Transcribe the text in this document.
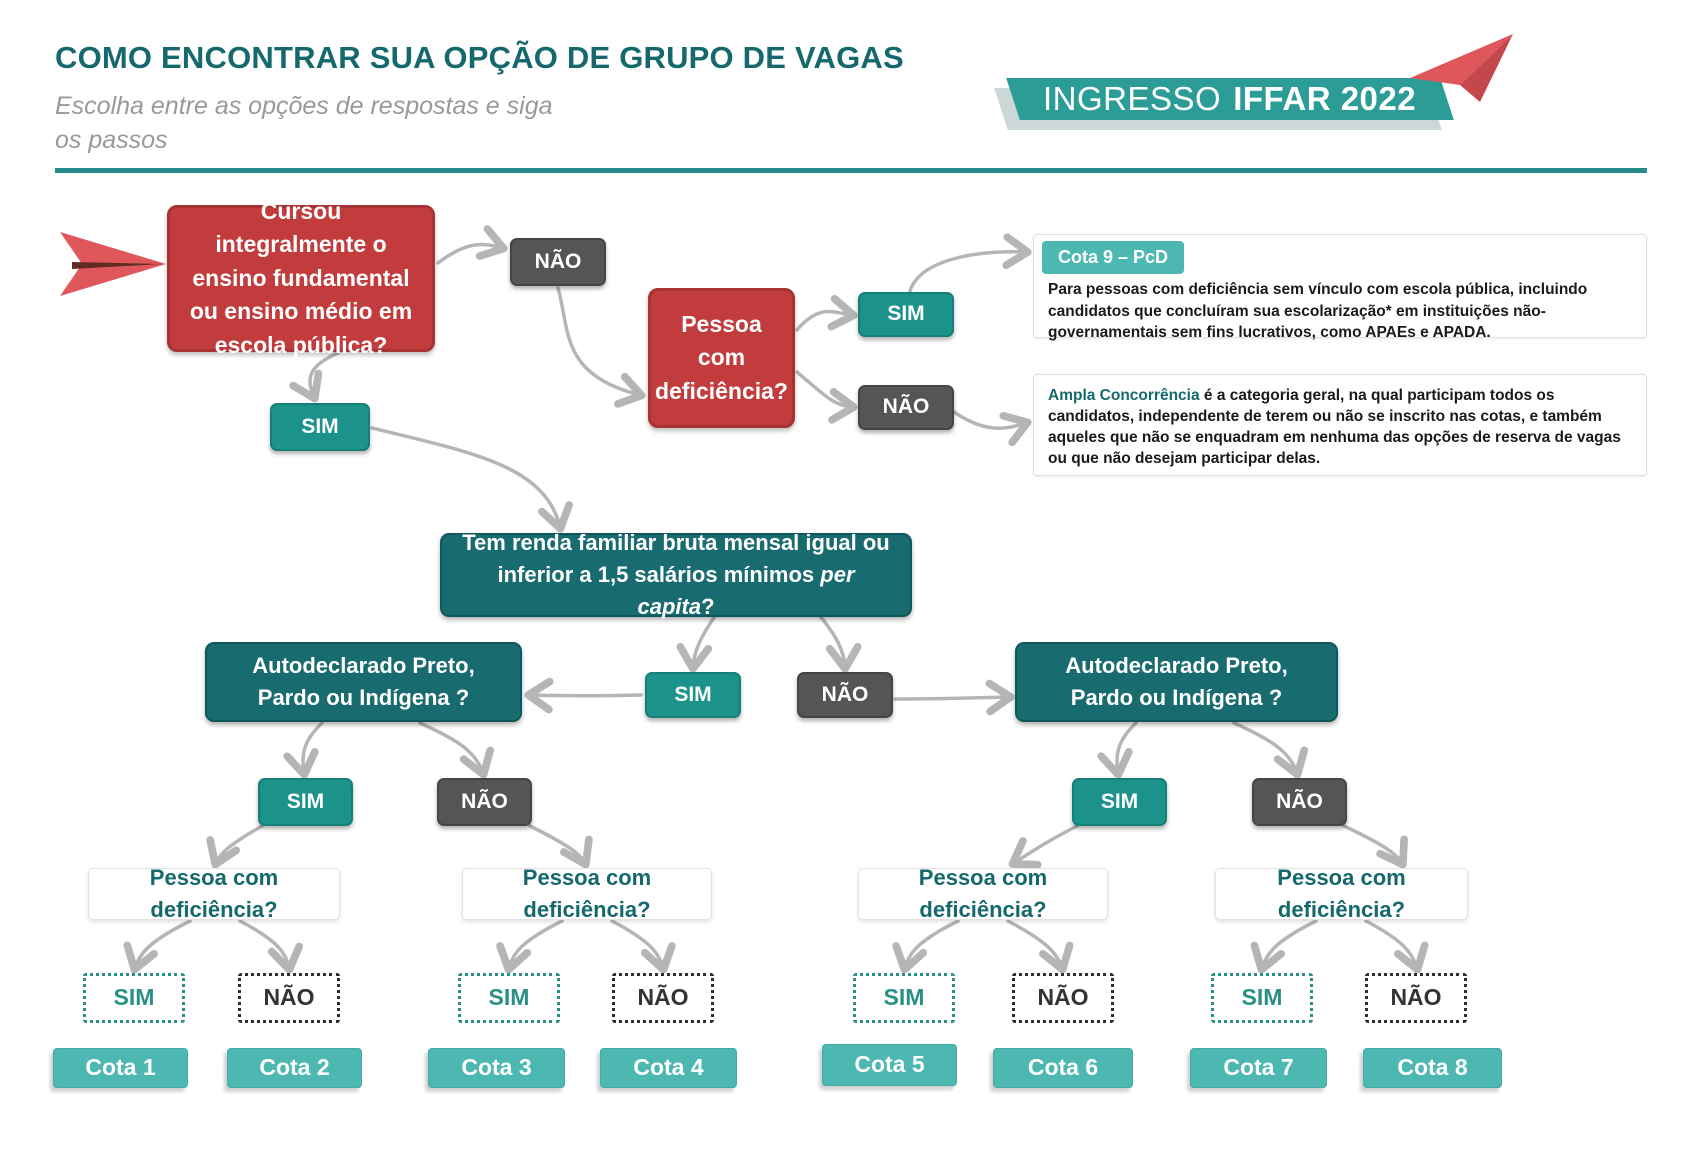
COMO ENCONTRAR SUA OPÇÃO DE GRUPO DE VAGAS
Escolha entre as opções de respostas e siga os passos
INGRESSO IFFAR 2022
Cursou integralmente o ensino fundamental ou ensino médio em escola pública?
NÃO
Pessoa com deficiência?
SIM
NÃO
Cota 9 – PcD
Para pessoas com deficiência sem vínculo com escola pública, incluindo candidatos que concluíram sua escolarização* em instituições não-governamentais sem fins lucrativos, como APAEs e APADA.
Ampla Concorrência é a categoria geral, na qual participam todos os candidatos, independente de terem ou não se inscrito nas cotas, e também aqueles que não se enquadram em nenhuma das opções de reserva de vagas ou que não desejam participar delas.
SIM
Tem renda familiar bruta mensal igual ou inferior a 1,5 salários mínimos per capita?
SIM	NÃO
Autodeclarado Preto, Pardo ou Indígena ?
Autodeclarado Preto, Pardo ou Indígena ?
SIM	NÃO	SIM	NÃO
Pessoa com deficiência?
Pessoa com deficiência?
Pessoa com deficiência?
Pessoa com deficiência?
SIM	NÃO	SIM	NÃO	SIM	NÃO	SIM	NÃO
Cota 1	Cota 2	Cota 3	Cota 4	Cota 5	Cota 6	Cota 7	Cota 8
